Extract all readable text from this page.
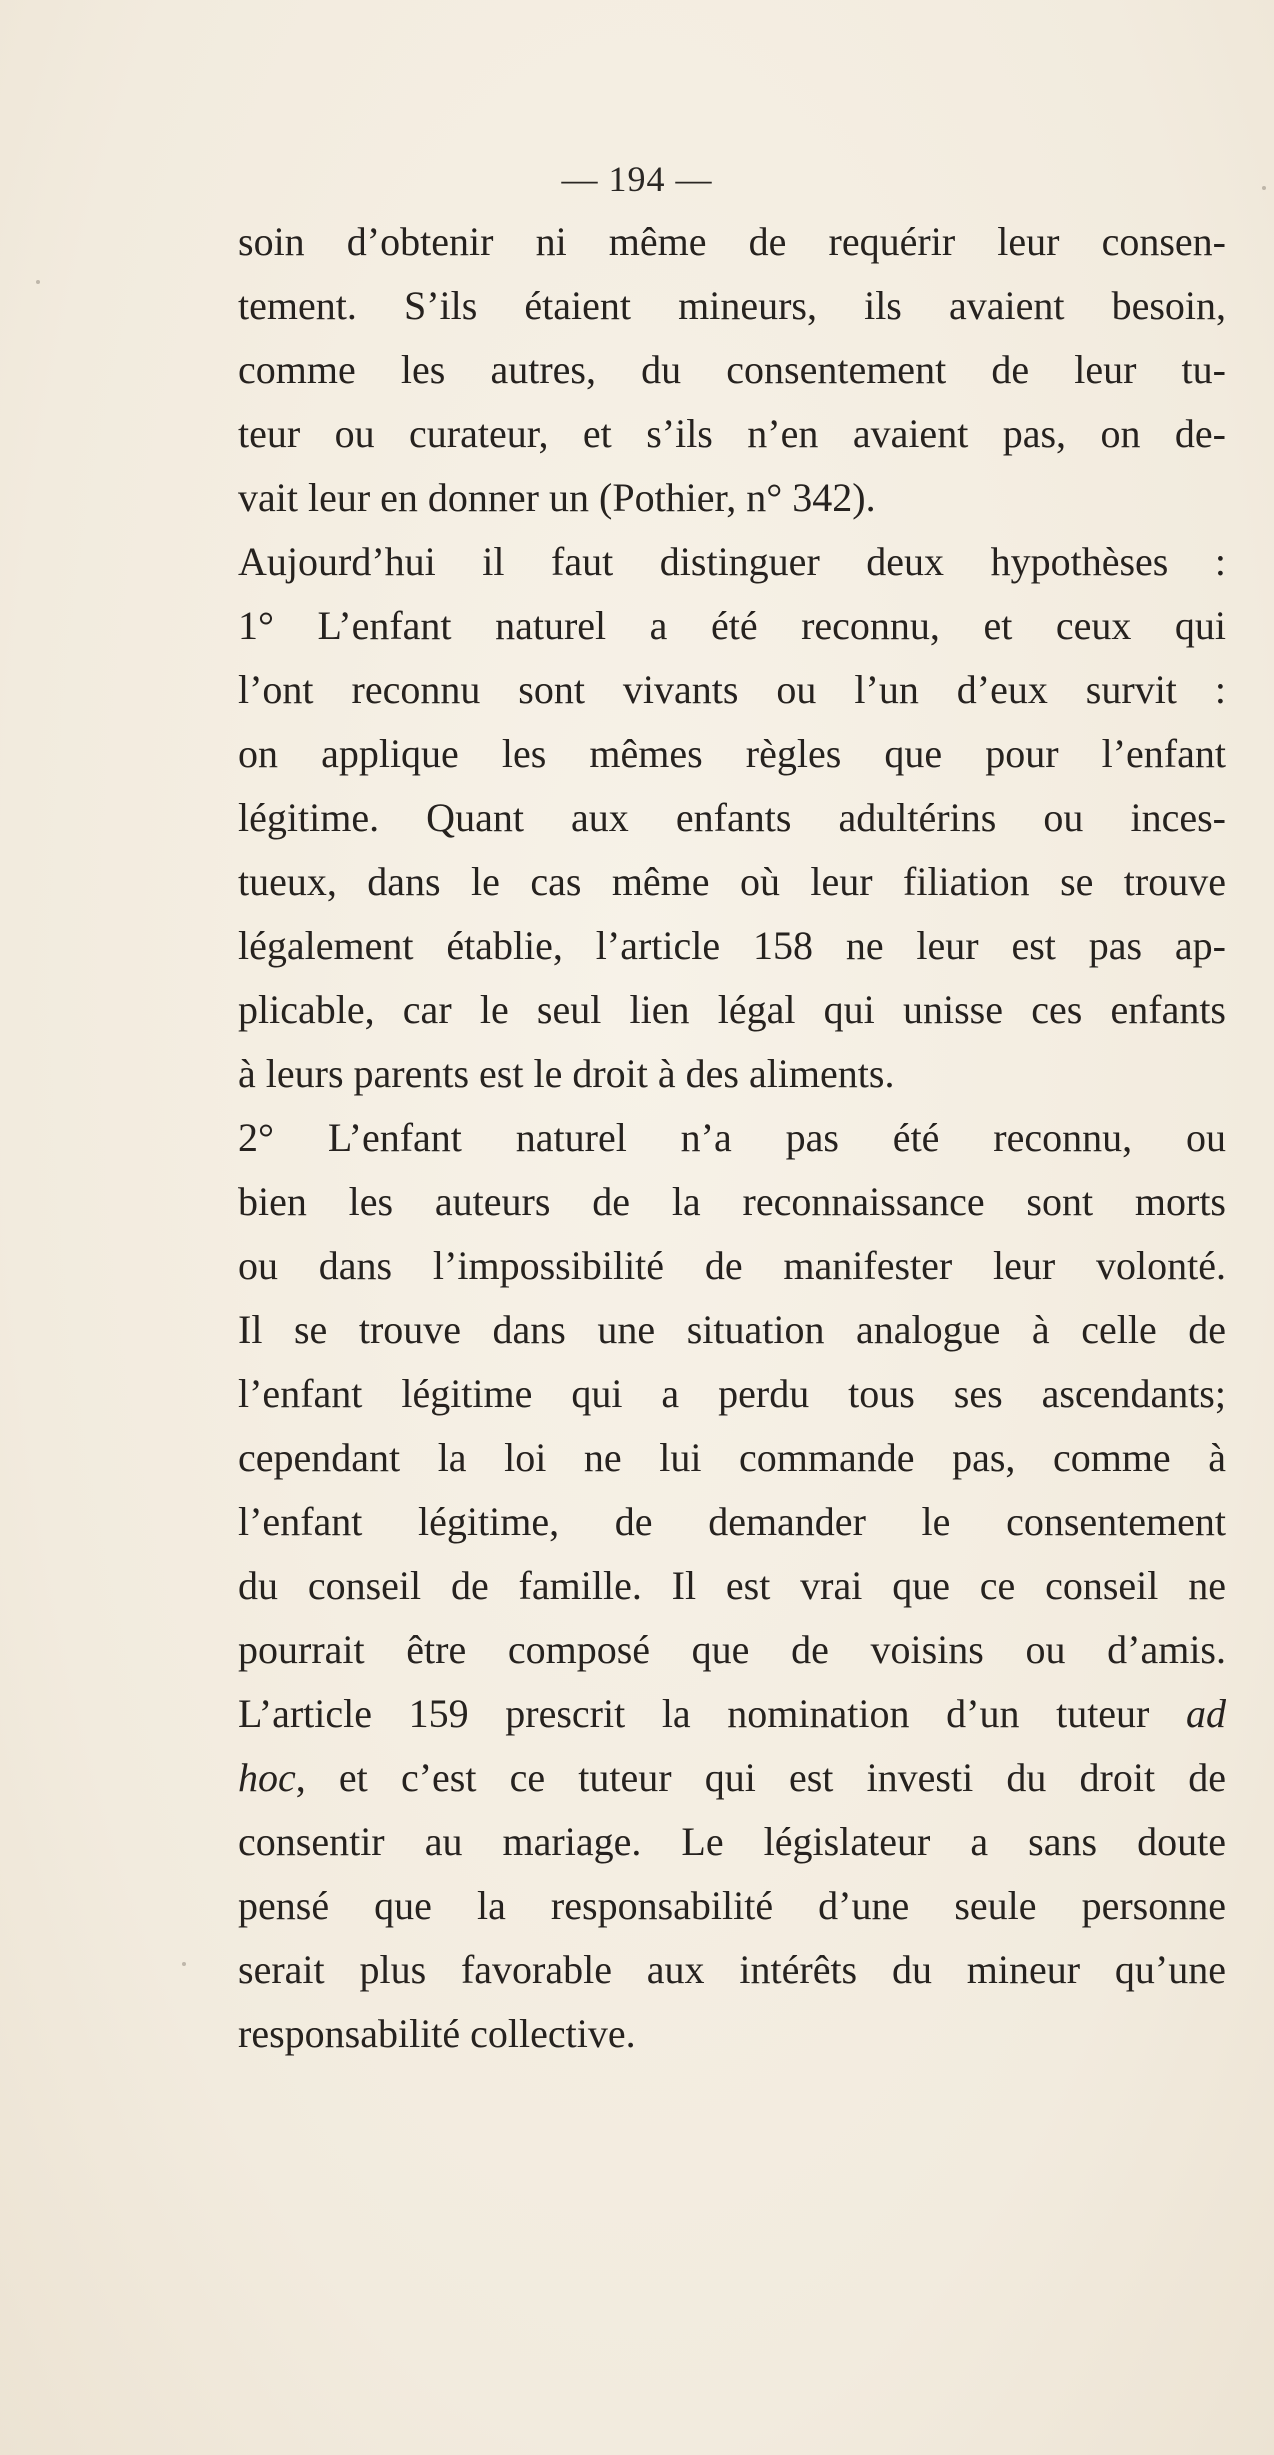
— 194 —
soin d’obtenir ni même de requérir leur consen-
tement. S’ils étaient mineurs, ils avaient besoin,
comme les autres, du consentement de leur tu-
teur ou curateur, et s’ils n’en avaient pas, on de-
vait leur en donner un (Pothier, n° 342).
Aujourd’hui il faut distinguer deux hypothèses :
1° L’enfant naturel a été reconnu, et ceux qui
l’ont reconnu sont vivants ou l’un d’eux survit :
on applique les mêmes règles que pour l’enfant
légitime. Quant aux enfants adultérins ou inces-
tueux, dans le cas même où leur filiation se trouve
légalement établie, l’article 158 ne leur est pas ap-
plicable, car le seul lien légal qui unisse ces enfants
à leurs parents est le droit à des aliments.
2° L’enfant naturel n’a pas été reconnu, ou
bien les auteurs de la reconnaissance sont morts
ou dans l’impossibilité de manifester leur volonté.
Il se trouve dans une situation analogue à celle de
l’enfant légitime qui a perdu tous ses ascendants;
cependant la loi ne lui commande pas, comme à
l’enfant légitime, de demander le consentement
du conseil de famille. Il est vrai que ce conseil ne
pourrait être composé que de voisins ou d’amis.
L’article 159 prescrit la nomination d’un tuteur ad
hoc, et c’est ce tuteur qui est investi du droit de
consentir au mariage. Le législateur a sans doute
pensé que la responsabilité d’une seule personne
serait plus favorable aux intérêts du mineur qu’une
responsabilité collective.
